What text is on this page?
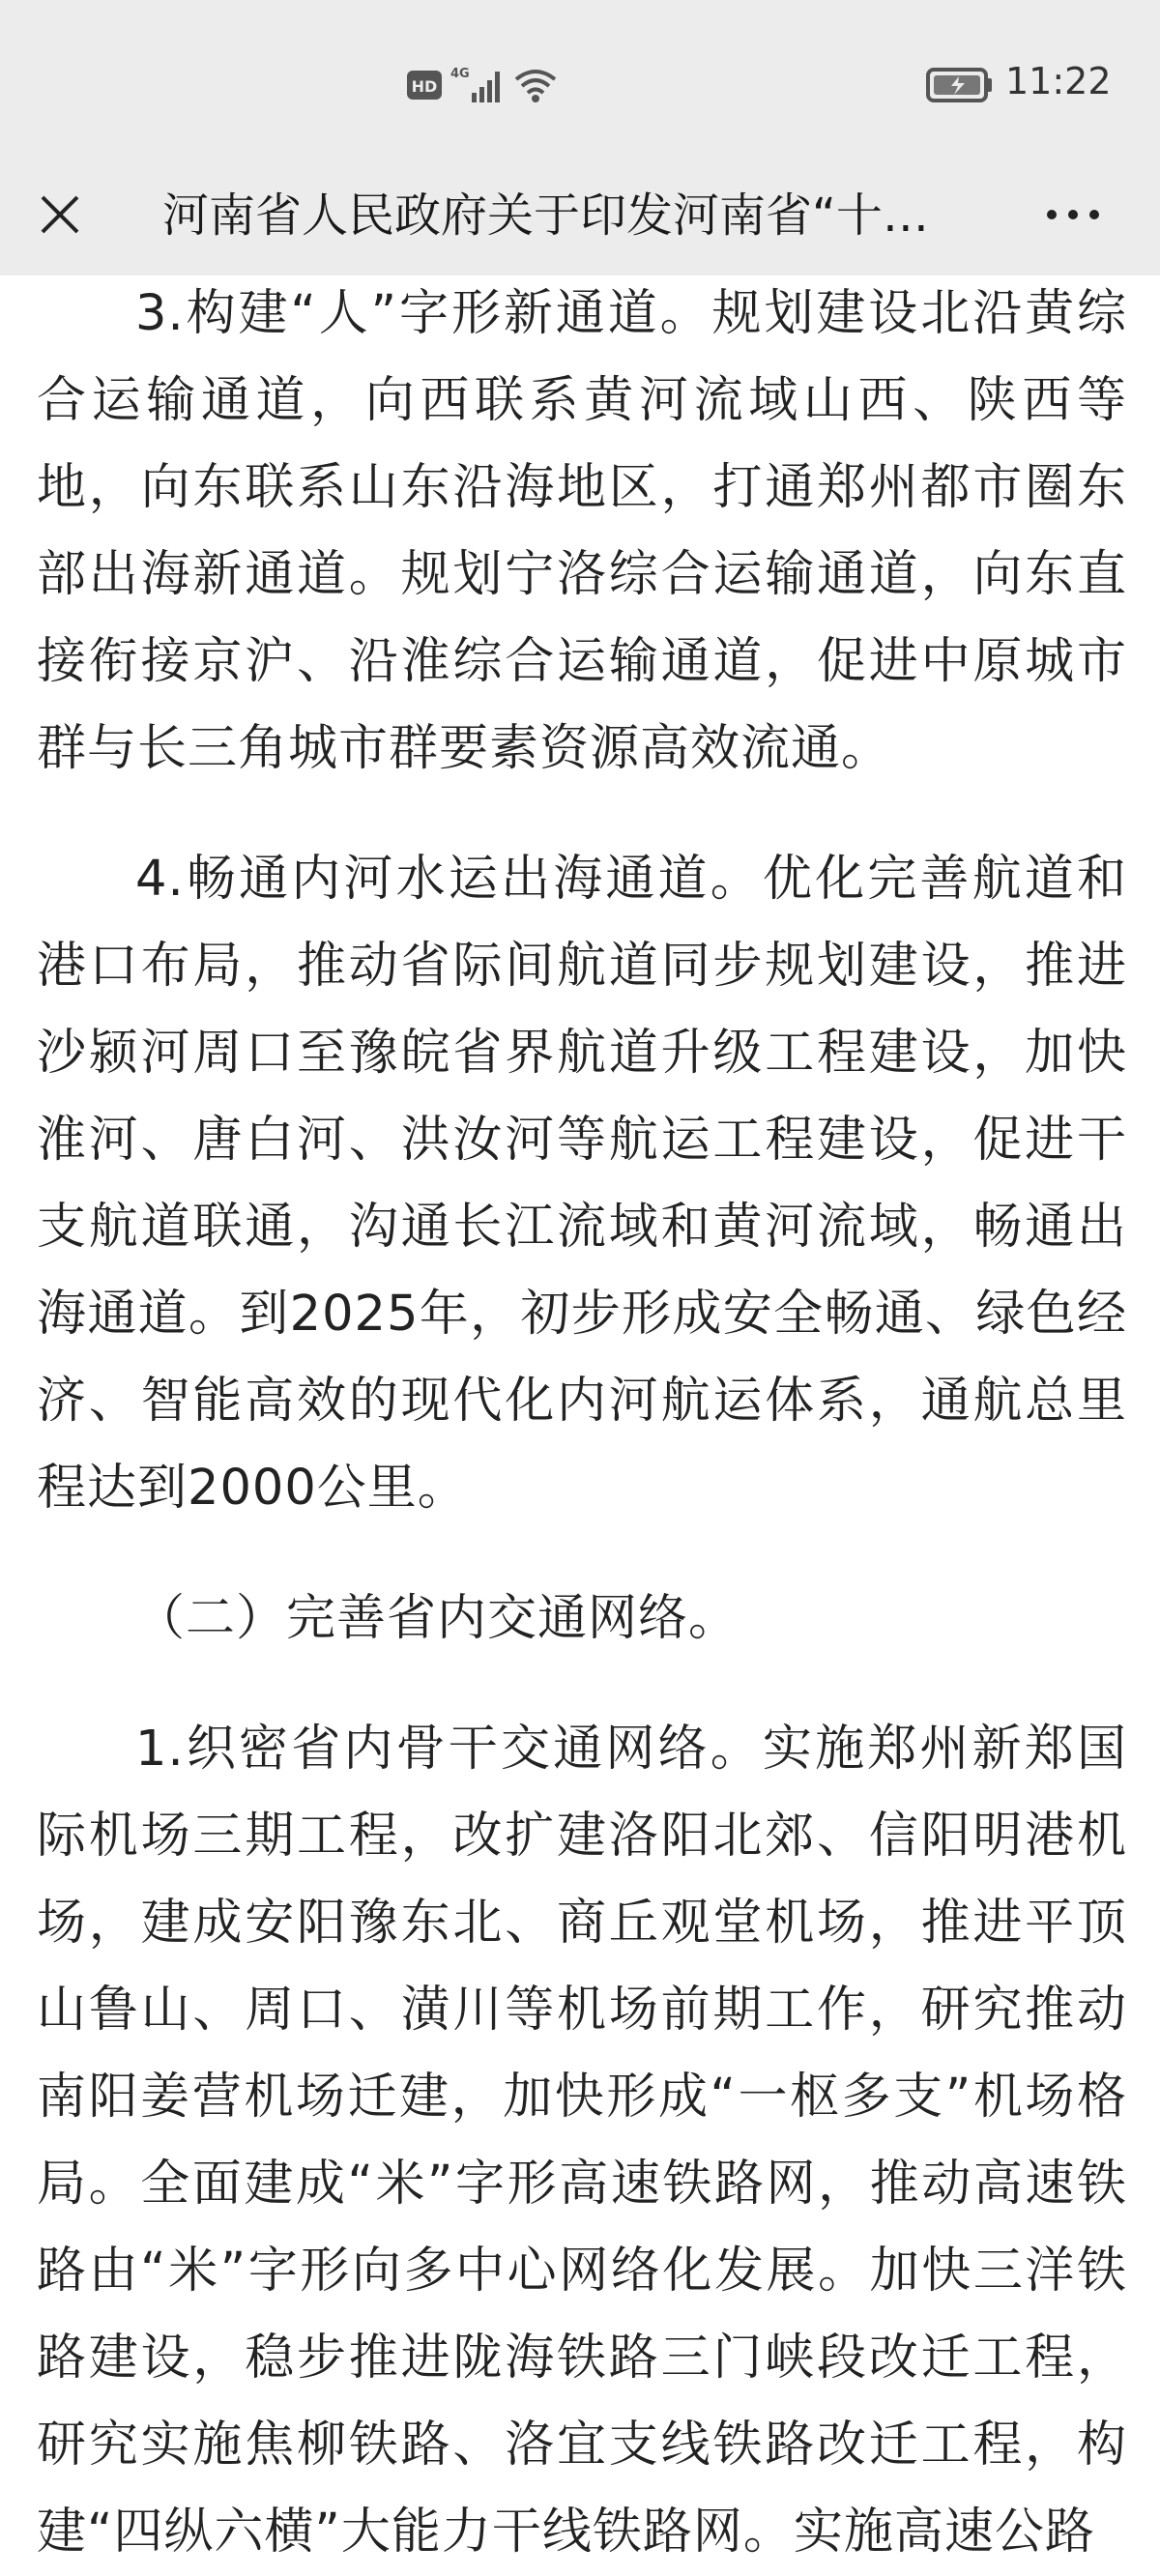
HD
4G	11:22
河南省人民政府关于印发河南省“十…

3.构建“人”字形新通道。规划建设北沿黄综合运输通道，向西联系黄河流域山西、陕西等地，向东联系山东沿海地区，打通郑州都市圈东部出海新通道。规划宁洛综合运输通道，向东直接衔接京沪、沿淮综合运输通道，促进中原城市群与长三角城市群要素资源高效流通。

4.畅通内河水运出海通道。优化完善航道和港口布局，推动省际间航道同步规划建设，推进沙颍河周口至豫皖省界航道升级工程建设，加快淮河、唐白河、洪汝河等航运工程建设，促进干支航道联通，沟通长江流域和黄河流域，畅通出海通道。到2025年，初步形成安全畅通、绿色经济、智能高效的现代化内河航运体系，通航总里程达到2000公里。

（二）完善省内交通网络。

1.织密省内骨干交通网络。实施郑州新郑国际机场三期工程，改扩建洛阳北郊、信阳明港机场，建成安阳豫东北、商丘观堂机场，推进平顶山鲁山、周口、潢川等机场前期工作，研究推动南阳姜营机场迁建，加快形成“一枢多支”机场格局。全面建成“米”字形高速铁路网，推动高速铁路由“米”字形向多中心网络化发展。加快三洋铁路建设，稳步推进陇海铁路三门峡段改迁工程，研究实施焦柳铁路、洛宜支线铁路改迁工程，构建“四纵六横”大能力干线铁路网。实施高速公路
